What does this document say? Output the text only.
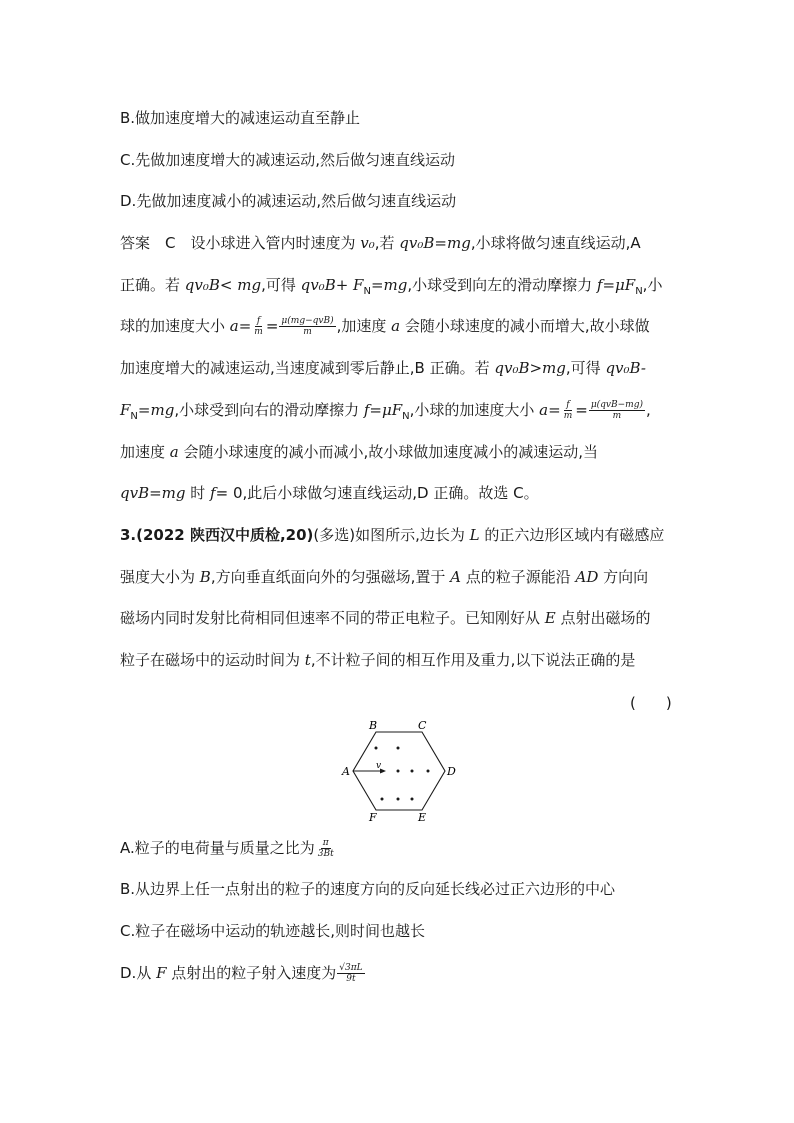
B.做加速度增大的减速运动直至静止
C.先做加速度增大的减速运动,然后做匀速直线运动
D.先做加速度减小的减速运动,然后做匀速直线运动
答案　C　设小球进入管内时速度为 v₀,若 qv₀B=mg,小球将做匀速直线运动,A
正确。若 qv₀B< mg,可得 $qv_0B+ F_N=mg$,小球受到向左的滑动摩擦力 $f=\mu F_N$,小
球的加速度大小 $a= \frac{f}{m} = \frac{\text{μ(mg−qvB)}}{m}$ ,加速度 a 会随小球速度的减小而增大,故小球做
加速度增大的减速运动,当速度减到零后静止,B 正确。若 qv₀B>mg,可得 qv₀B-
$F_N=mg$,小球受到向右的滑动摩擦力 $f=\mu F_N$,小球的加速度大小 $a= \frac{f}{m} = \frac{\text{μ(qvB−mg)}}{m}$ ,
加速度 a 会随小球速度的减小而减小,故小球做加速度减小的减速运动,当
qvB=mg 时 f= 0,此后小球做匀速直线运动,D 正确。故选 C。
3.(2022 陕西汉中质检,20)(多选)如图所示,边长为 L 的正六边形区域内有磁感应
强度大小为 B,方向垂直纸面向外的匀强磁场,置于 A 点的粒子源能沿 AD 方向向
磁场内同时发射比荷相同但速率不同的带正电粒子。已知刚好从 E 点射出磁场的
粒子在磁场中的运动时间为 t,不计粒子间的相互作用及重力,以下说法正确的是
(　　)
B	C
A	D
F	E
v
A.粒子的电荷量与质量之比为 $\frac{\pi}{3Bt}$
B.从边界上任一点射出的粒子的速度方向的反向延长线必过正六边形的中心
C.粒子在磁场中运动的轨迹越长,则时间也越长
D.从 F 点射出的粒子射入速度为 $\frac{√3\pi L}{9t}$
